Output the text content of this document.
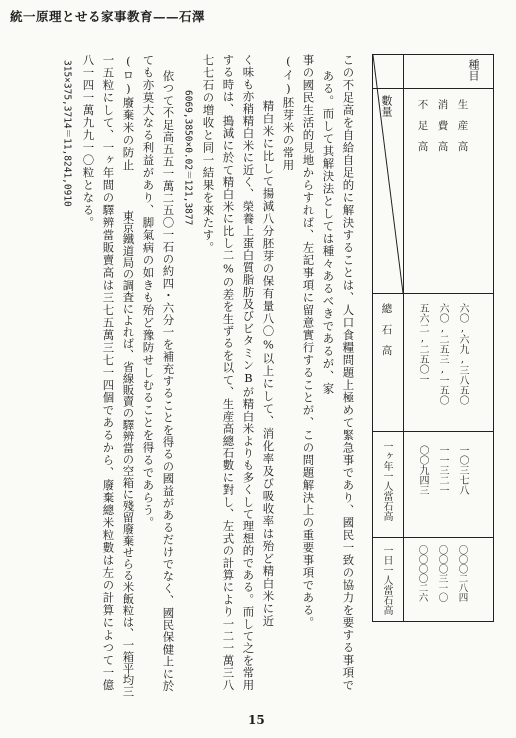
統一原理とせる家事教育——石澤
種目
數量	生　産　高
消　費　高
不　足　高
總　石　高
一ヶ年一人當石高
一日一人當石高
六〇,六九,三八五〇
六〇,二五三,一五〇
五六二,二五〇一
一〇三七八
一一三二一
〇〇九四三
〇〇〇二八四
〇〇〇三一〇
〇〇〇〇二六
この不足高を自給自足的に解決することは、人口食糧問題上極めて緊急事であり、國民一致の協力を要する事項で
ある。而して其解決法としては種々あるべきであるが、家
事の國民生活的見地からすれば、左記事項に留意實行することが、この問題解決上の重要事項である。
(イ)胚芽米の常用
精白米に比して揚減八分胚芽の保有量八〇%以上にして、消化率及び吸收率は殆ど精白米に近
く味も亦稍精白米に近く、榮養上蛋白質脂肪及びビタミンBが精白米よりも多くして理想的である。而して之を常用
する時は、搗減に於て精白米に比し二%の差を生ずるを以て、生産高總石數に對し、左式の計算により一二一萬三八
七七石の増收と同一結果を來たす。
6069,3850×0.02＝121,3877
依つて不足高五五一萬二五〇一石の約四・六分一を補充することを得るの國益があるだけでなく、國民保健上に於
ても亦莫大なる利益があり、脚氣病の如きも殆ど豫防せしむることを得るであらう。
(ロ)廢棄米の防止
東京鐵道局の調査によれば、省線販賣の驛辨當の空箱に殘留廢棄せらる米飯粒は、一箱平均三
一五粒にして、一ヶ年間の驛辨當販賣高は三七五萬三七一四個であるから、廢棄總米粒數は左の計算によつて一億
八一四一萬九九一〇粒となる。
315×375,3714＝11,8241,0910
15
